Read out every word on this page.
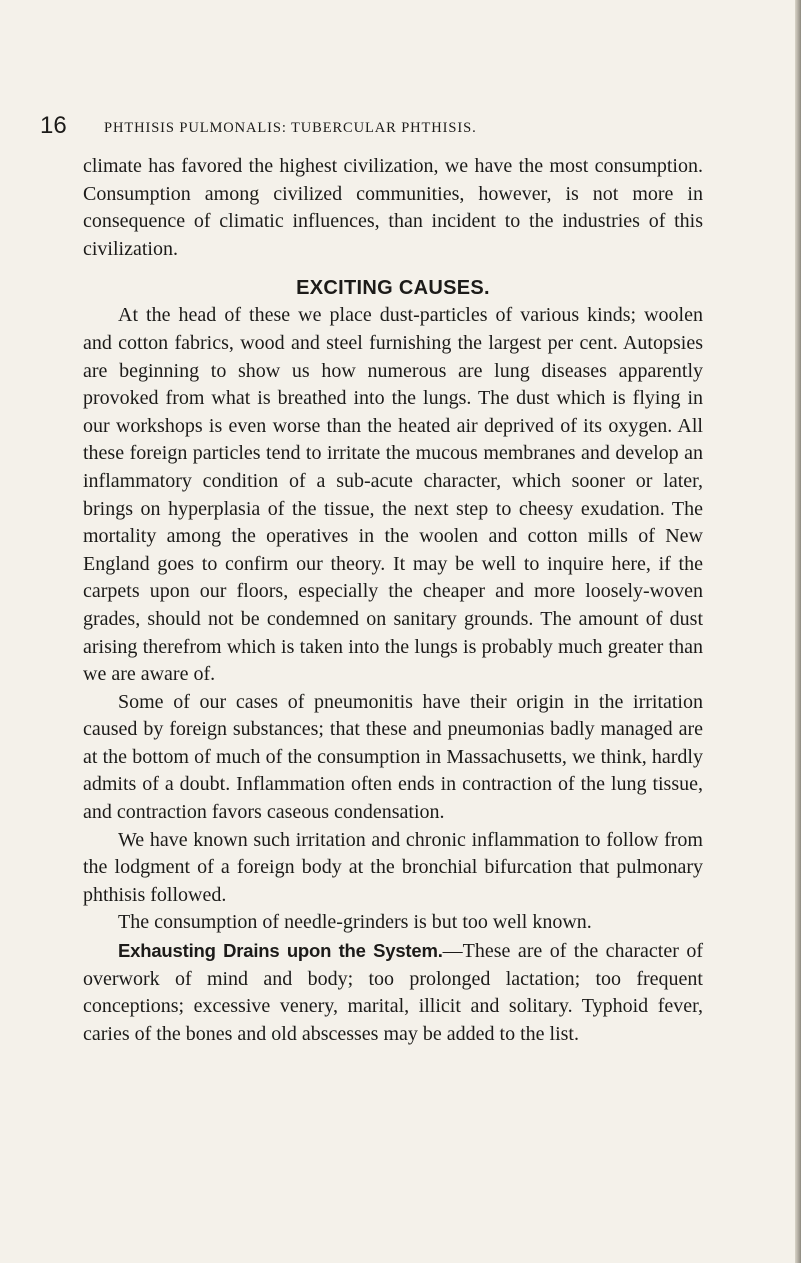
16	PHTHISIS PULMONALIS: TUBERCULAR PHTHISIS.

climate has favored the highest civilization, we have the most consumption. Consumption among civilized communities, however, is not more in consequence of climatic influences, than incident to the industries of this civilization.

EXCITING CAUSES.

At the head of these we place dust-particles of various kinds; woolen and cotton fabrics, wood and steel furnishing the largest per cent. Autopsies are beginning to show us how numerous are lung diseases apparently provoked from what is breathed into the lungs. The dust which is flying in our workshops is even worse than the heated air deprived of its oxygen. All these foreign particles tend to irritate the mucous membranes and develop an inflammatory condition of a sub-acute character, which sooner or later, brings on hyperplasia of the tissue, the next step to cheesy exudation. The mortality among the operatives in the woolen and cotton mills of New England goes to confirm our theory. It may be well to inquire here, if the carpets upon our floors, especially the cheaper and more loosely-woven grades, should not be condemned on sanitary grounds. The amount of dust arising therefrom which is taken into the lungs is probably much greater than we are aware of.

Some of our cases of pneumonitis have their origin in the irritation caused by foreign substances; that these and pneumonias badly managed are at the bottom of much of the consumption in Massachusetts, we think, hardly admits of a doubt. Inflammation often ends in contraction of the lung tissue, and contraction favors caseous condensation.

We have known such irritation and chronic inflammation to follow from the lodgment of a foreign body at the bronchial bifurcation that pulmonary phthisis followed.

The consumption of needle-grinders is but too well known.

Exhausting Drains upon the System.—These are of the character of overwork of mind and body; too prolonged lactation; too frequent conceptions; excessive venery, marital, illicit and solitary. Typhoid fever, caries of the bones and old abscesses may be added to the list.
